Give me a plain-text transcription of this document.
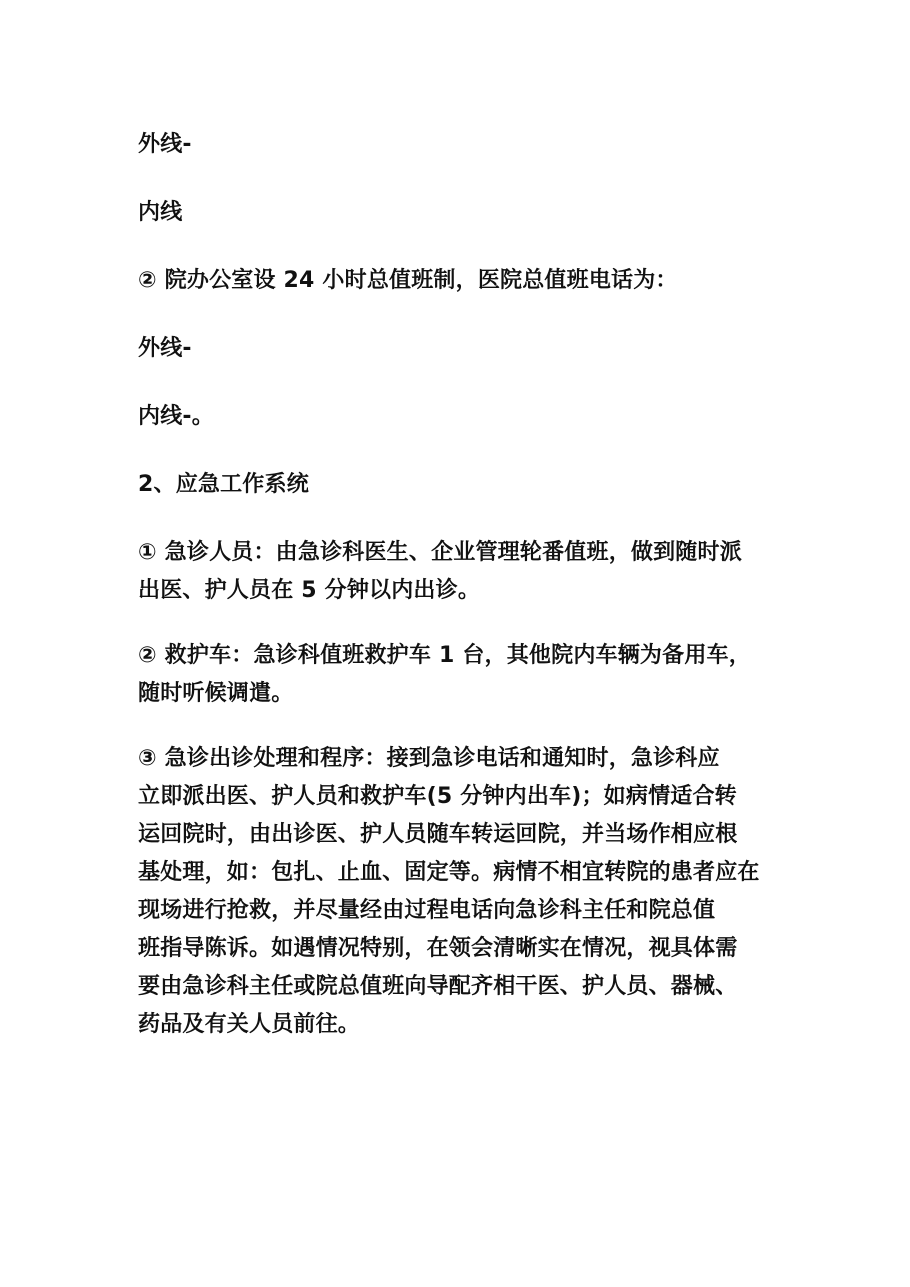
外线-

内线

② 院办公室设 24 小时总值班制，医院总值班电话为：

外线-

内线-。

2、应急工作系统

① 急诊人员：由急诊科医生、企业管理轮番值班，做到随时派
出医、护人员在 5 分钟以内出诊。

② 救护车：急诊科值班救护车 1 台，其他院内车辆为备用车，
随时听候调遣。

③ 急诊出诊处理和程序：接到急诊电话和通知时，急诊科应
立即派出医、护人员和救护车(5 分钟内出车)；如病情适合转
运回院时，由出诊医、护人员随车转运回院，并当场作相应根
基处理，如：包扎、止血、固定等。病情不相宜转院的患者应在
现场进行抢救，并尽量经由过程电话向急诊科主任和院总值
班指导陈诉。如遇情况特别，在领会清晰实在情况，视具体需
要由急诊科主任或院总值班向导配齐相干医、护人员、器械、
药品及有关人员前往。
